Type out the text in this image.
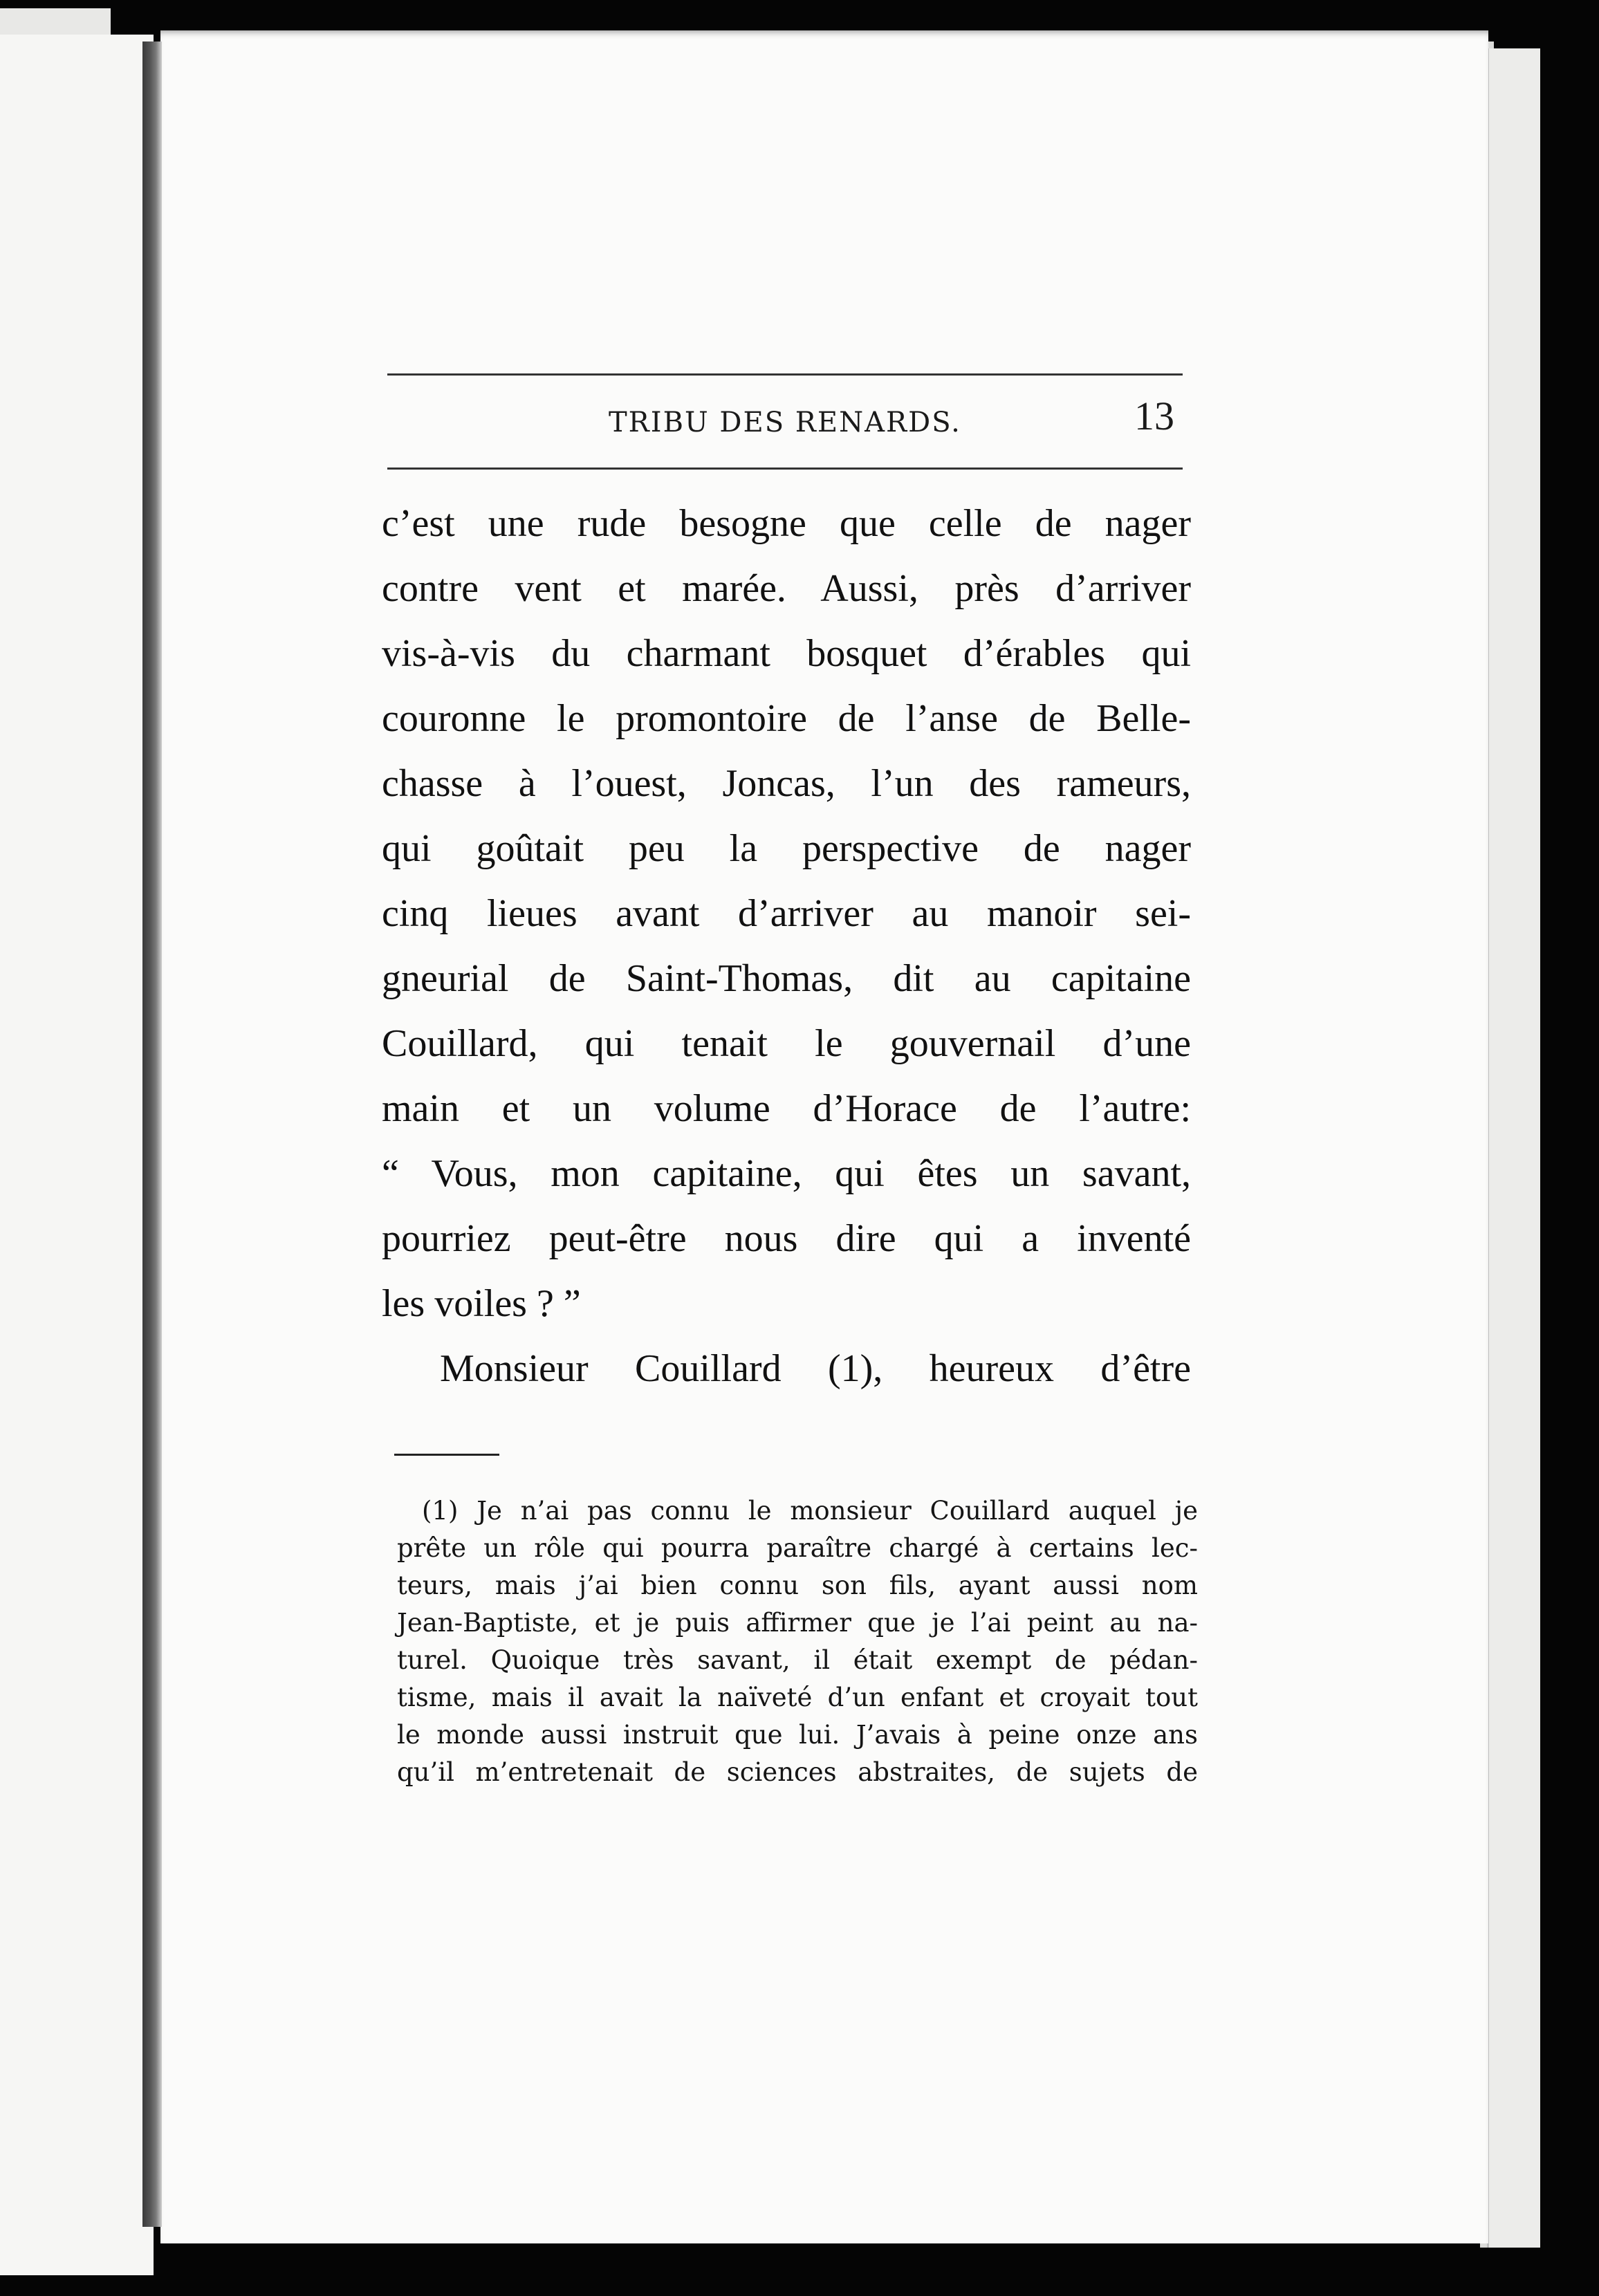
TRIBU DES RENARDS.	13
c’est une rude besogne que celle de nager
contre vent et marée. Aussi, près d’arriver
vis-à-vis du charmant bosquet d’érables qui
couronne le promontoire de l’anse de Belle-
chasse à l’ouest, Joncas, l’un des rameurs,
qui goûtait peu la perspective de nager
cinq lieues avant d’arriver au manoir sei-
gneurial de Saint-Thomas, dit au capitaine
Couillard, qui tenait le gouvernail d’une
main et un volume d’Horace de l’autre:
“ Vous, mon capitaine, qui êtes un savant,
pourriez peut-être nous dire qui a inventé
les voiles ? ”
Monsieur Couillard (1), heureux d’être
(1) Je n’ai pas connu le monsieur Couillard auquel je
prête un rôle qui pourra paraître chargé à certains lec-
teurs, mais j’ai bien connu son fils, ayant aussi nom
Jean-Baptiste, et je puis affirmer que je l’ai peint au na-
turel. Quoique très savant, il était exempt de pédan-
tisme, mais il avait la naïveté d’un enfant et croyait tout
le monde aussi instruit que lui. J’avais à peine onze ans
qu’il m’entretenait de sciences abstraites, de sujets de
